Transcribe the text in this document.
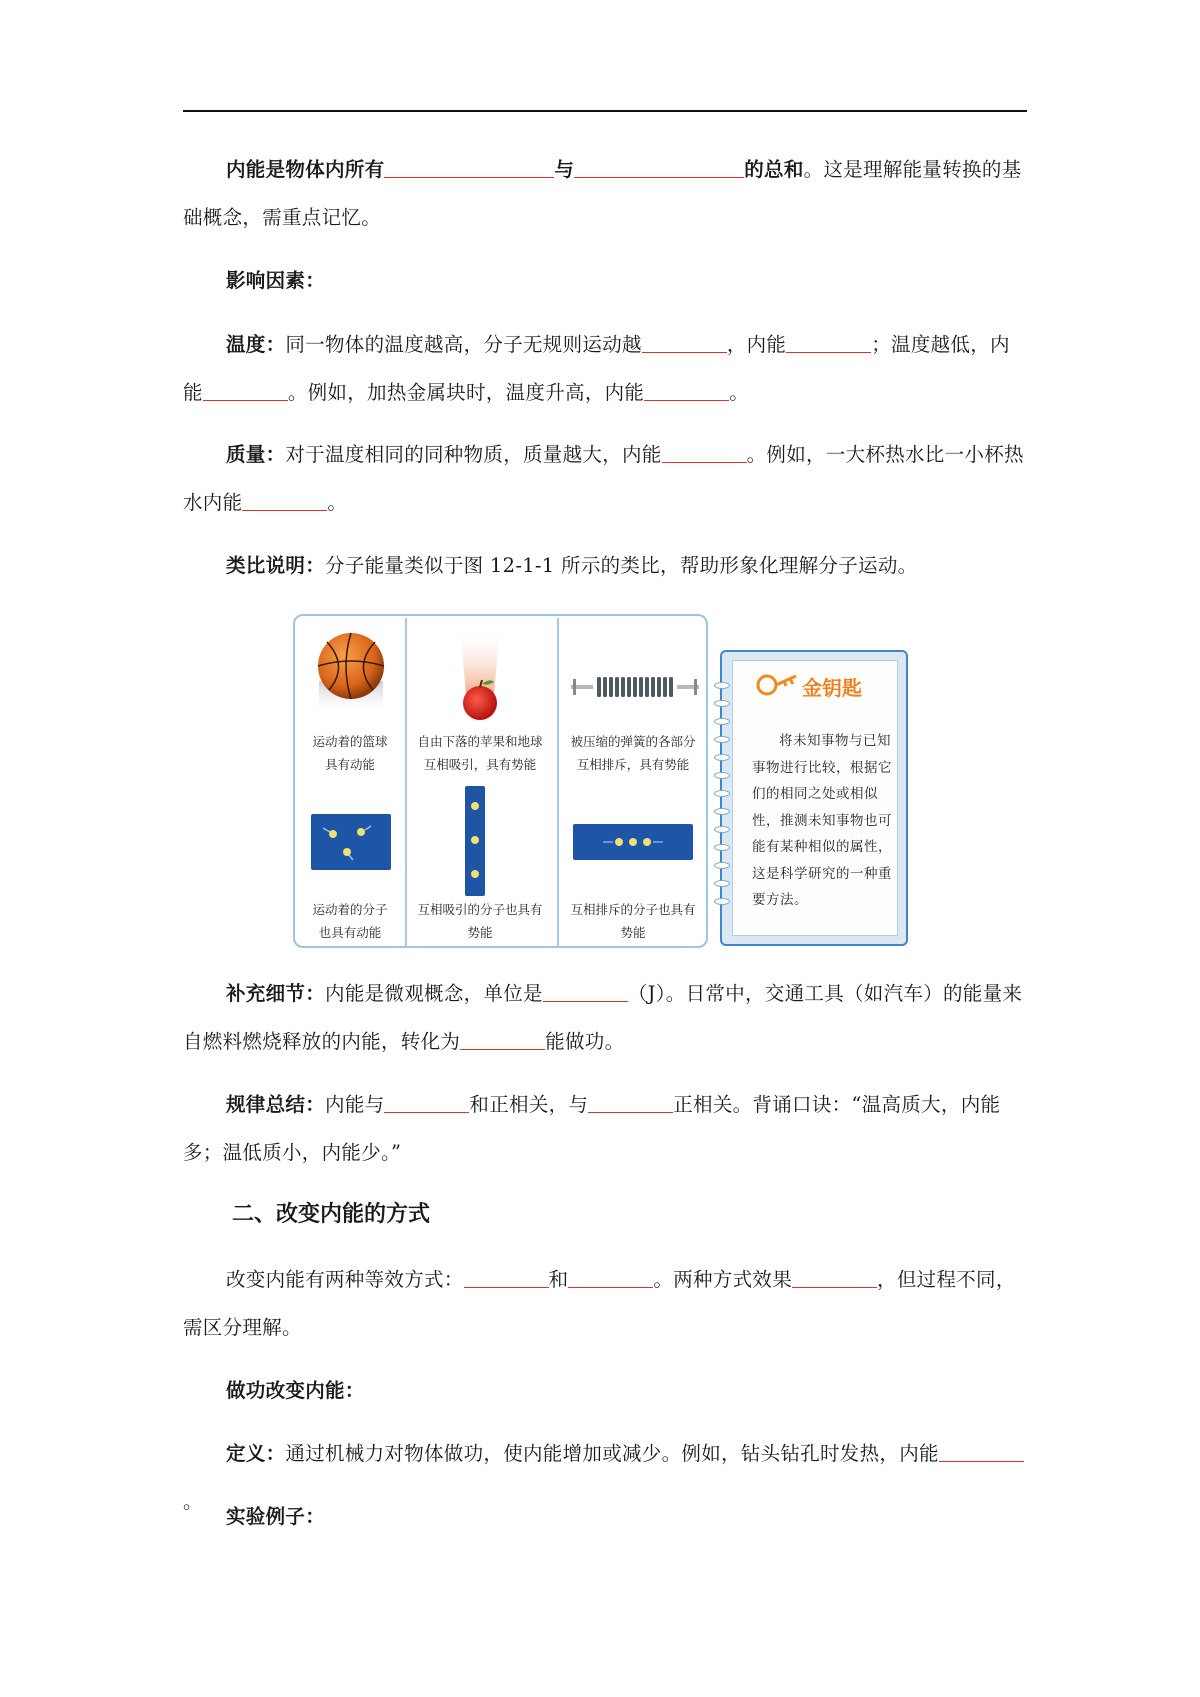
内能是物体内所有	与	的总和。这是理解能量转换的基础概念，需重点记忆。
影响因素：
温度：同一物体的温度越高，分子无规则运动越	，内能	；温度越低，内能	。例如，加热金属块时，温度升高，内能	。
质量：对于温度相同的同种物质，质量越大，内能	。例如，一大杯热水比一小杯热水内能	。
类比说明：分子能量类似于图 12-1-1 所示的类比，帮助形象化理解分子运动。
运动着的篮球
具有动能
自由下落的苹果和地球
互相吸引，具有势能
被压缩的弹簧的各部分
互相排斥，具有势能
运动着的分子
也具有动能
互相吸引的分子也具有
势能
互相排斥的分子也具有
势能
金钥匙
将未知事物与已知事物进行比较，根据它们的相同之处或相似性，推测未知事物也可能有某种相似的属性，这是科学研究的一种重要方法。
补充细节：内能是微观概念，单位是	（J）。日常中，交通工具（如汽车）的能量来自燃料燃烧释放的内能，转化为	能做功。
规律总结：内能与	和正相关，与	正相关。背诵口诀：“温高质大，内能多；温低质小，内能少。”
二、改变内能的方式
改变内能有两种等效方式：	和	。两种方式效果	，但过程不同，需区分理解。
做功改变内能：
定义：通过机械力对物体做功，使内能增加或减少。例如，钻头钻孔时发热，内能。
实验例子：
